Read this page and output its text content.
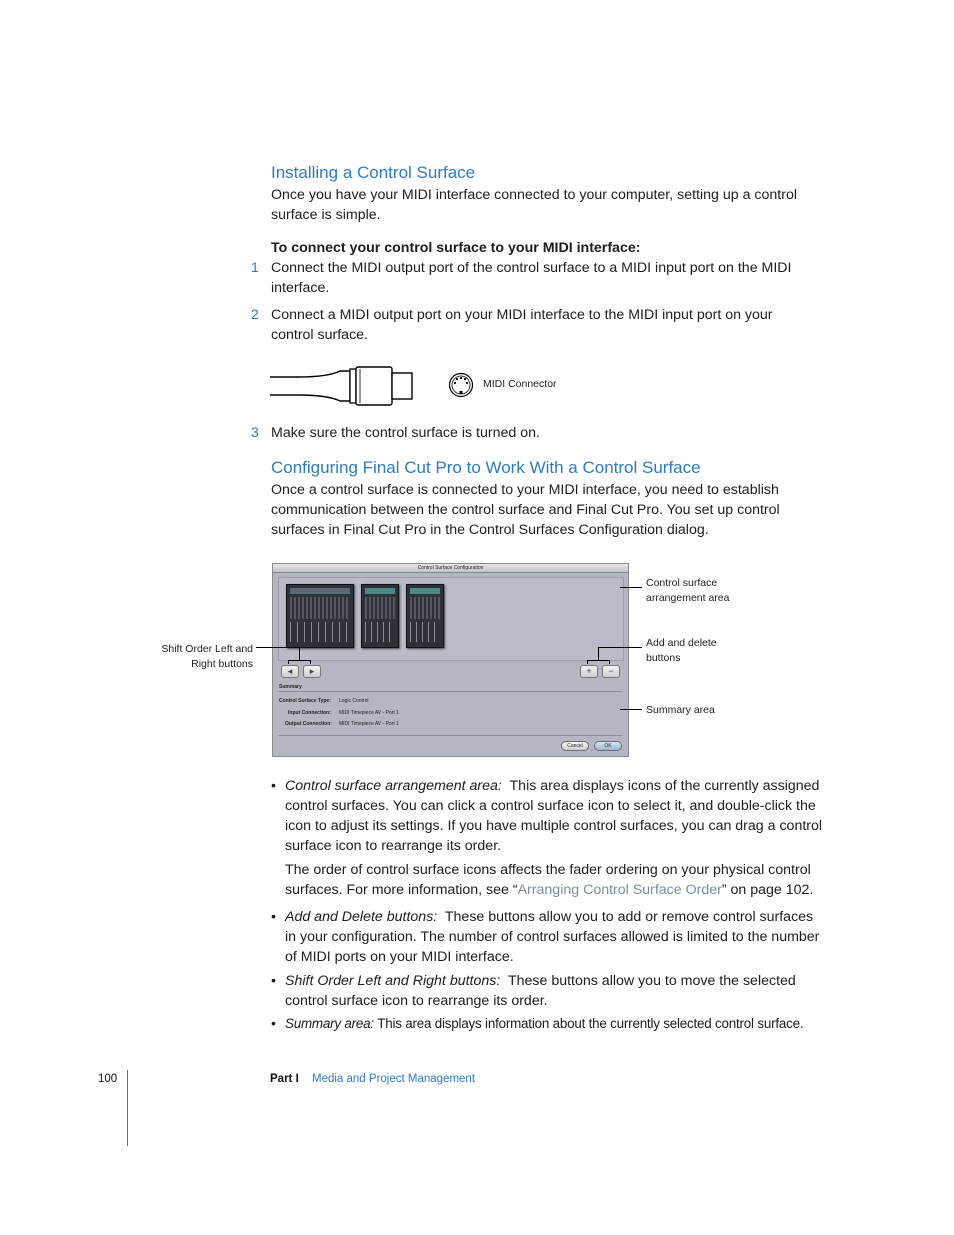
Installing a Control Surface
Once you have your MIDI interface connected to your computer, setting up a control surface is simple.
To connect your control surface to your MIDI interface:
1 Connect the MIDI output port of the control surface to a MIDI input port on the MIDI interface.
2 Connect a MIDI output port on your MIDI interface to the MIDI input port on your control surface.
MIDI Connector
3 Make sure the control surface is turned on.
Configuring Final Cut Pro to Work With a Control Surface
Once a control surface is connected to your MIDI interface, you need to establish communication between the control surface and Final Cut Pro. You set up control surfaces in Final Cut Pro in the Control Surfaces Configuration dialog.
Control Surface Configuration
◂	▸	+	−
Summary
Control Surface Type: Logic Control
Input Connection: MIDI Timepiece AV - Port 1
Output Connection: MIDI Timepiece AV - Port 1
Cancel	OK
Control surface arrangement area
Add and delete buttons
Summary area
Shift Order Left and Right buttons
• Control surface arrangement area: This area displays icons of the currently assigned control surfaces. You can click a control surface icon to select it, and double-click the icon to adjust its settings. If you have multiple control surfaces, you can drag a control surface icon to rearrange its order.
The order of control surface icons affects the fader ordering on your physical control surfaces. For more information, see “Arranging Control Surface Order” on page 102.
• Add and Delete buttons: These buttons allow you to add or remove control surfaces in your configuration. The number of control surfaces allowed is limited to the number of MIDI ports on your MIDI interface.
• Shift Order Left and Right buttons: These buttons allow you to move the selected control surface icon to rearrange its order.
• Summary area: This area displays information about the currently selected control surface.
100	Part I Media and Project Management
